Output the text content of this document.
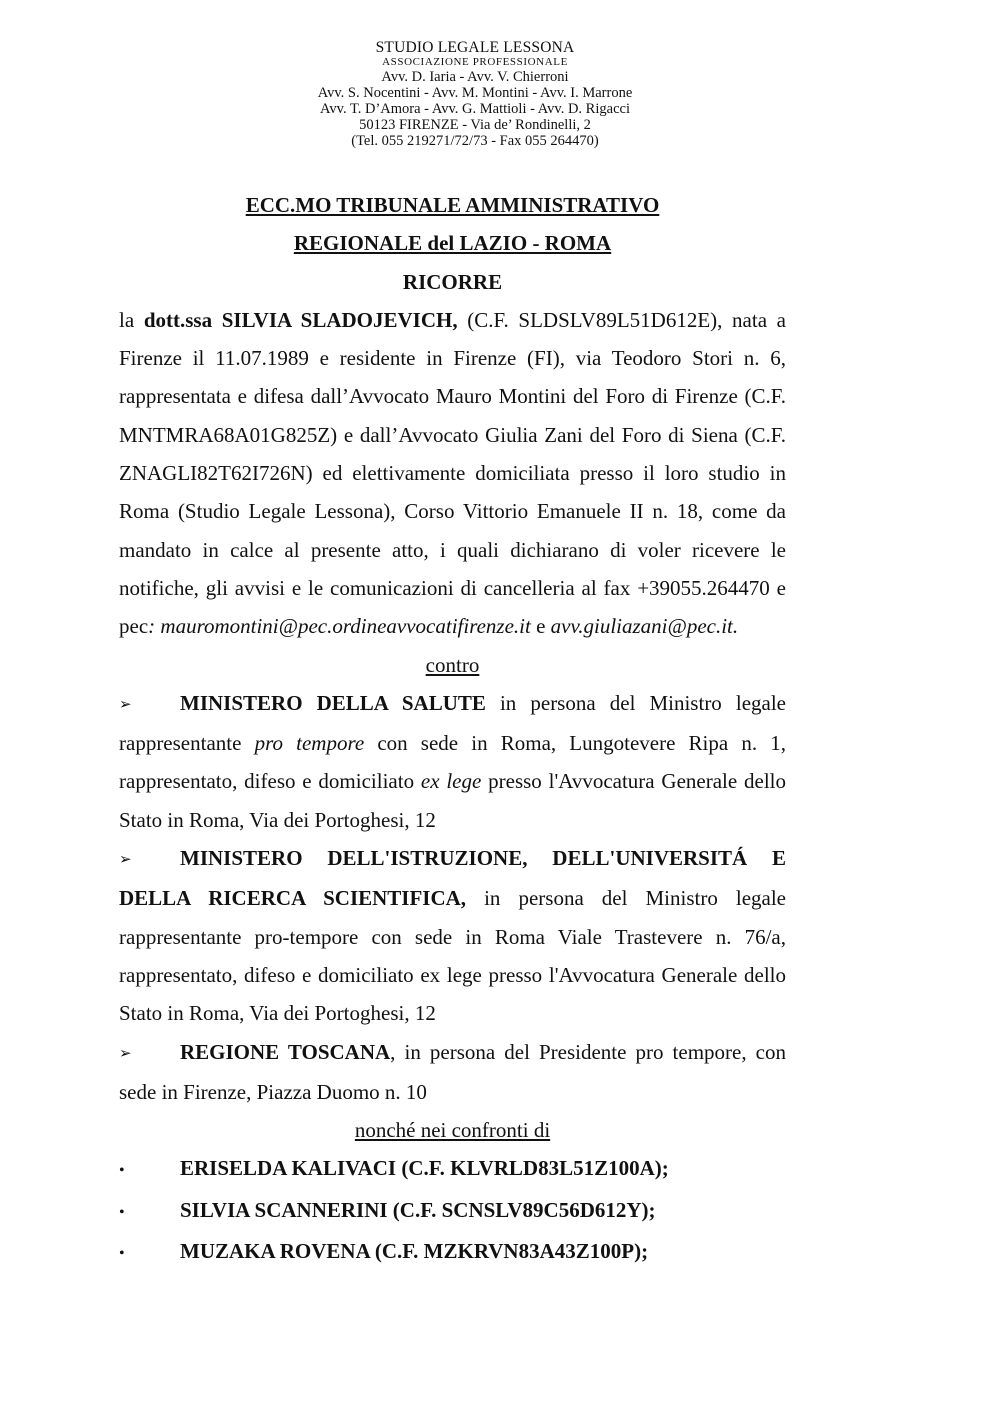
STUDIO LEGALE LESSONA
ASSOCIAZIONE PROFESSIONALE
Avv. D. Iaria - Avv. V. Chierroni
Avv. S. Nocentini - Avv. M. Montini - Avv. I. Marrone
Avv. T. D’Amora - Avv. G. Mattioli - Avv. D. Rigacci
50123 FIRENZE - Via de’ Rondinelli, 2
(Tel. 055 219271/72/73 - Fax 055 264470)

ECC.MO TRIBUNALE AMMINISTRATIVO

REGIONALE del LAZIO - ROMA

RICORRE

la dott.ssa SILVIA SLADOJEVICH, (C.F. SLDSLV89L51D612E), nata a Firenze il 11.07.1989 e residente in Firenze (FI), via Teodoro Stori n. 6, rappresentata e difesa dall’Avvocato Mauro Montini del Foro di Firenze (C.F. MNTMRA68A01G825Z) e dall’Avvocato Giulia Zani del Foro di Siena (C.F. ZNAGLI82T62I726N) ed elettivamente domiciliata presso il loro studio in Roma (Studio Legale Lessona), Corso Vittorio Emanuele II n. 18, come da mandato in calce al presente atto, i quali dichiarano di voler ricevere le notifiche, gli avvisi e le comunicazioni di cancelleria al fax +39055.264470 e pec: mauromontini@pec.ordineavvocatifirenze.it e avv.giuliazani@pec.it.

contro

➢ MINISTERO DELLA SALUTE in persona del Ministro legale rappresentante pro tempore con sede in Roma, Lungotevere Ripa n. 1, rappresentato, difeso e domiciliato ex lege presso l'Avvocatura Generale dello Stato in Roma, Via dei Portoghesi, 12

➢ MINISTERO DELL'ISTRUZIONE, DELL'UNIVERSITÁ E
DELLA RICERCA SCIENTIFICA, in persona del Ministro legale rappresentante pro-tempore con sede in Roma Viale Trastevere n. 76/a, rappresentato, difeso e domiciliato ex lege presso l'Avvocatura Generale dello Stato in Roma, Via dei Portoghesi, 12

➢ REGIONE TOSCANA, in persona del Presidente pro tempore, con sede in Firenze, Piazza Duomo n. 10

nonché nei confronti di

•	ERISELDA KALIVACI (C.F. KLVRLD83L51Z100A);
•	SILVIA SCANNERINI (C.F. SCNSLV89C56D612Y);
•	MUZAKA ROVENA (C.F. MZKRVN83A43Z100P);
